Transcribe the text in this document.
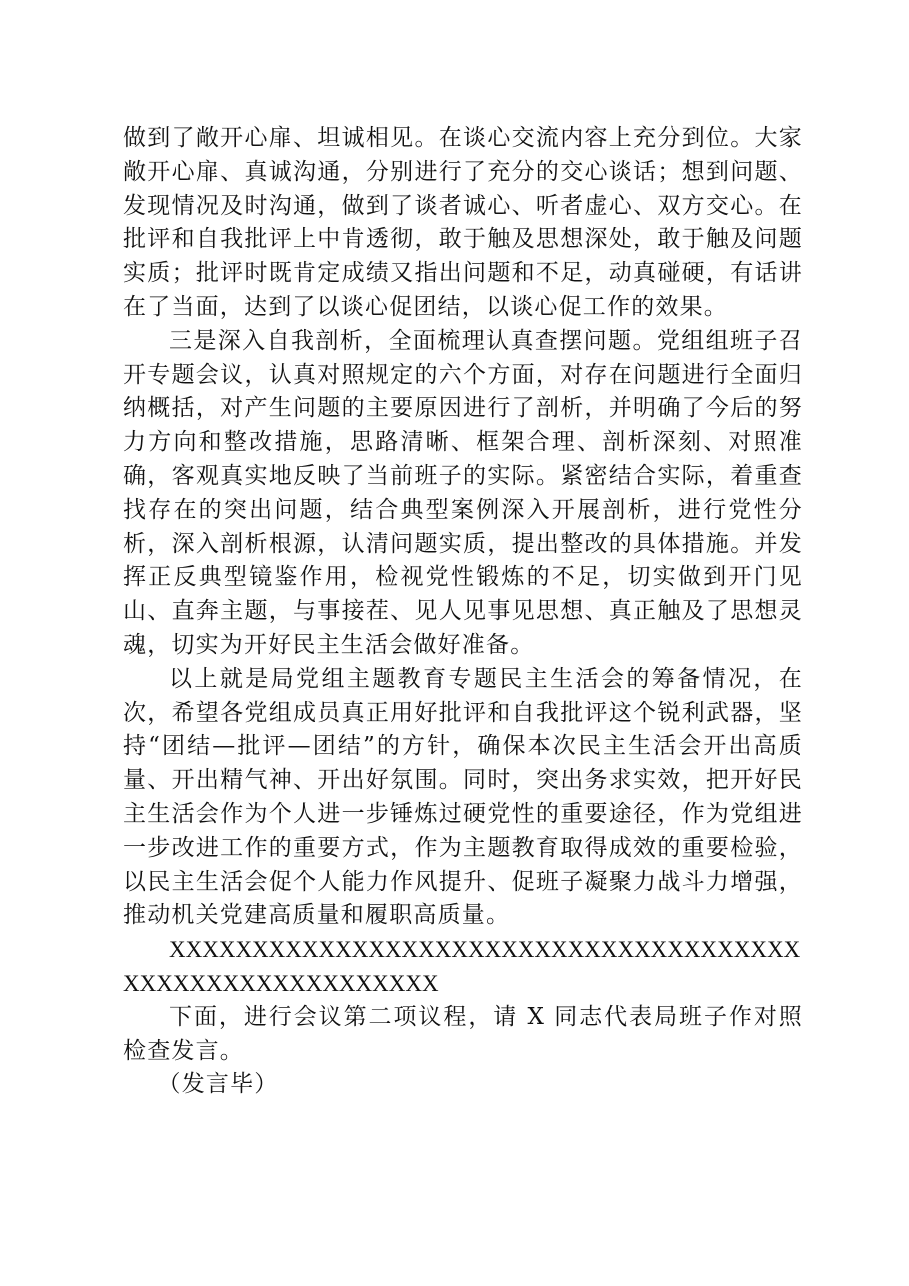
做到了敞开心扉、坦诚相见。在谈心交流内容上充分到位。大家敞开心扉、真诚沟通，分别进行了充分的交心谈话；想到问题、发现情况及时沟通，做到了谈者诚心、听者虚心、双方交心。在批评和自我批评上中肯透彻，敢于触及思想深处，敢于触及问题实质；批评时既肯定成绩又指出问题和不足，动真碰硬，有话讲在了当面，达到了以谈心促团结，以谈心促工作的效果。

三是深入自我剖析，全面梳理认真查摆问题。党组组班子召开专题会议，认真对照规定的六个方面，对存在问题进行全面归纳概括，对产生问题的主要原因进行了剖析，并明确了今后的努力方向和整改措施，思路清晰、框架合理、剖析深刻、对照准确，客观真实地反映了当前班子的实际。紧密结合实际，着重查找存在的突出问题，结合典型案例深入开展剖析，进行党性分析，深入剖析根源，认清问题实质，提出整改的具体措施。并发挥正反典型镜鉴作用，检视党性锻炼的不足，切实做到开门见山、直奔主题，与事接茬、见人见事见思想、真正触及了思想灵魂，切实为开好民主生活会做好准备。

以上就是局党组主题教育专题民主生活会的筹备情况，在次，希望各党组成员真正用好批评和自我批评这个锐利武器，坚持“团结—批评—团结”的方针，确保本次民主生活会开出高质量、开出精气神、开出好氛围。同时，突出务求实效，把开好民主生活会作为个人进一步锤炼过硬党性的重要途径，作为党组进一步改进工作的重要方式，作为主题教育取得成效的重要检验，以民主生活会促个人能力作风提升、促班子凝聚力战斗力增强，推动机关党建高质量和履职高质量。

XXXXXXXXXXXXXXXXXXXXXXXXXXXXXXXXXXXXXXXXXXXXXXXXXXXXXXXXX

下面，进行会议第二项议程，请 X 同志代表局班子作对照检查发言。

（发言毕）
